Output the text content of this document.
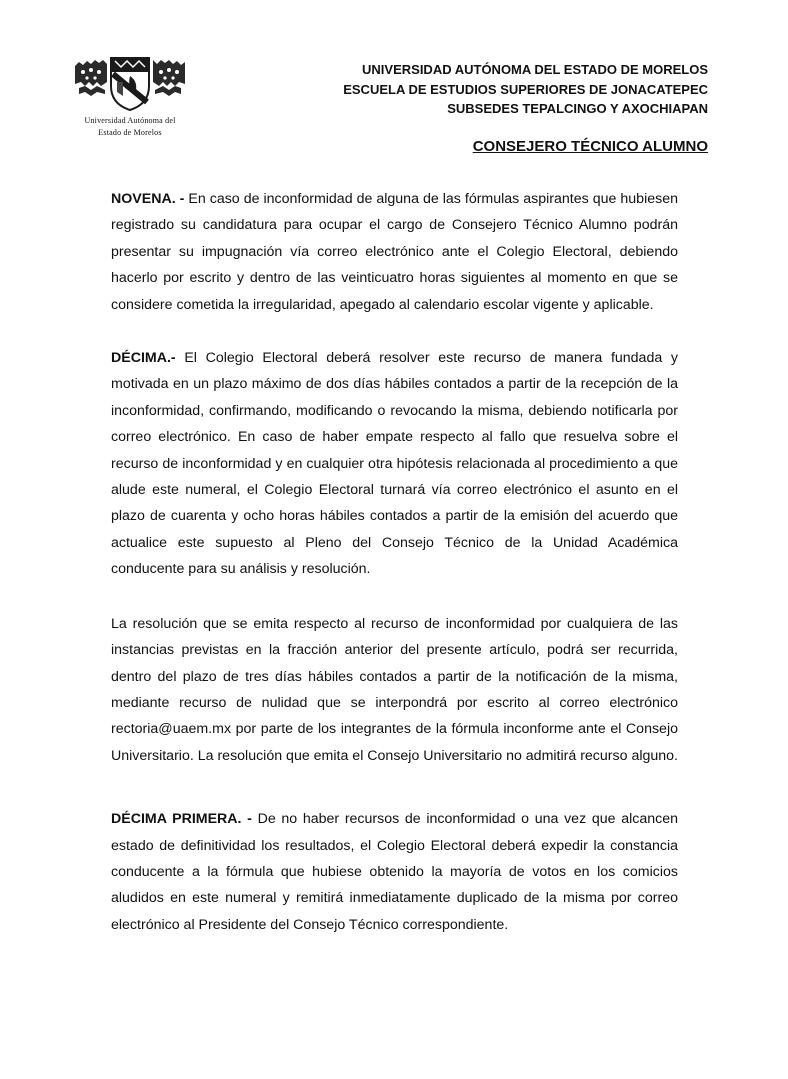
Universidad Autónoma del
Estado de Morelos
UNIVERSIDAD AUTÓNOMA DEL ESTADO DE MORELOS
ESCUELA DE ESTUDIOS SUPERIORES DE JONACATEPEC
SUBSEDES TEPALCINGO Y AXOCHIAPAN
CONSEJERO TÉCNICO ALUMNO

NOVENA. - En caso de inconformidad de alguna de las fórmulas aspirantes que hubiesen registrado su candidatura para ocupar el cargo de Consejero Técnico Alumno podrán presentar su impugnación vía correo electrónico ante el Colegio Electoral, debiendo hacerlo por escrito y dentro de las veinticuatro horas siguientes al momento en que se considere cometida la irregularidad, apegado al calendario escolar vigente y aplicable.

DÉCIMA.- El Colegio Electoral deberá resolver este recurso de manera fundada y motivada en un plazo máximo de dos días hábiles contados a partir de la recepción de la inconformidad, confirmando, modificando o revocando la misma, debiendo notificarla por correo electrónico. En caso de haber empate respecto al fallo que resuelva sobre el recurso de inconformidad y en cualquier otra hipótesis relacionada al procedimiento a que alude este numeral, el Colegio Electoral turnará vía correo electrónico el asunto en el plazo de cuarenta y ocho horas hábiles contados a partir de la emisión del acuerdo que actualice este supuesto al Pleno del Consejo Técnico de la Unidad Académica conducente para su análisis y resolución.

La resolución que se emita respecto al recurso de inconformidad por cualquiera de las instancias previstas en la fracción anterior del presente artículo, podrá ser recurrida, dentro del plazo de tres días hábiles contados a partir de la notificación de la misma, mediante recurso de nulidad que se interpondrá por escrito al correo electrónico rectoria@uaem.mx por parte de los integrantes de la fórmula inconforme ante el Consejo Universitario. La resolución que emita el Consejo Universitario no admitirá recurso alguno.

DÉCIMA PRIMERA. - De no haber recursos de inconformidad o una vez que alcancen estado de definitividad los resultados, el Colegio Electoral deberá expedir la constancia conducente a la fórmula que hubiese obtenido la mayoría de votos en los comicios aludidos en este numeral y remitirá inmediatamente duplicado de la misma por correo electrónico al Presidente del Consejo Técnico correspondiente.
